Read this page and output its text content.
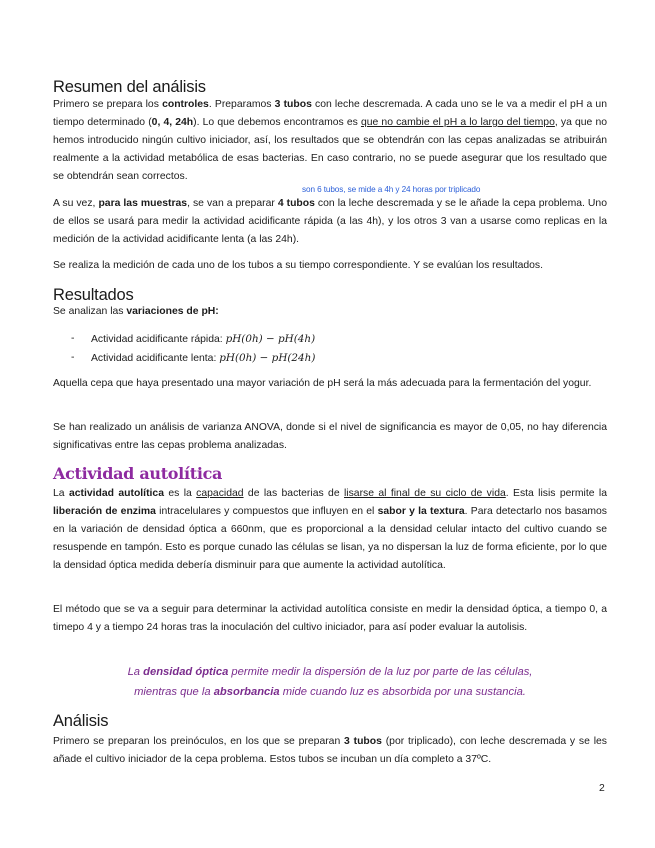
Resumen del análisis

Primero se prepara los controles. Preparamos 3 tubos con leche descremada. A cada uno se le va a medir el pH a un tiempo determinado (0, 4, 24h). Lo que debemos encontramos es que no cambie el pH a lo largo del tiempo, ya que no hemos introducido ningún cultivo iniciador, así, los resultados que se obtendrán con las cepas analizadas se atribuirán realmente a la actividad metabólica de esas bacterias. En caso contrario, no se puede asegurar que los resultado que se obtendrán sean correctos.

son 6 tubos, se mide a 4h y 24 horas por triplicado

A su vez, para las muestras, se van a preparar 4 tubos con la leche descremada y se le añade la cepa problema. Uno de ellos se usará para medir la actividad acidificante rápida (a las 4h), y los otros 3 van a usarse como replicas en la medición de la actividad acidificante lenta (a las 24h).

Se realiza la medición de cada uno de los tubos a su tiempo correspondiente. Y se evalúan los resultados.

Resultados

Se analizan las variaciones de pH:

- Actividad acidificante rápida: pH(0h) − pH(4h)
- Actividad acidificante lenta: pH(0h) − pH(24h)

Aquella cepa que haya presentado una mayor variación de pH será la más adecuada para la fermentación del yogur.

Se han realizado un análisis de varianza ANOVA, donde si el nivel de significancia es mayor de 0,05, no hay diferencia significativas entre las cepas problema analizadas.

Actividad autolítica

La actividad autolítica es la capacidad de las bacterias de lisarse al final de su ciclo de vida. Esta lisis permite la liberación de enzima intracelulares y compuestos que influyen en el sabor y la textura. Para detectarlo nos basamos en la variación de densidad óptica a 660nm, que es proporcional a la densidad celular intacto del cultivo cuando se resuspende en tampón. Esto es porque cunado las células se lisan, ya no dispersan la luz de forma eficiente, por lo que la densidad óptica medida debería disminuir para que aumente la actividad autolítica.

El método que se va a seguir para determinar la actividad autolítica consiste en medir la densidad óptica, a tiempo 0, a timepo 4 y a tiempo 24 horas tras la inoculación del cultivo iniciador, para así poder evaluar la autolisis.

La densidad óptica permite medir la dispersión de la luz por parte de las células,
mientras que la absorbancia mide cuando luz es absorbida por una sustancia.
Análisis

Primero se preparan los preinóculos, en los que se preparan 3 tubos (por triplicado), con leche descremada y se les añade el cultivo iniciador de la cepa problema. Estos tubos se incuban un día completo a 37ºC.

2
